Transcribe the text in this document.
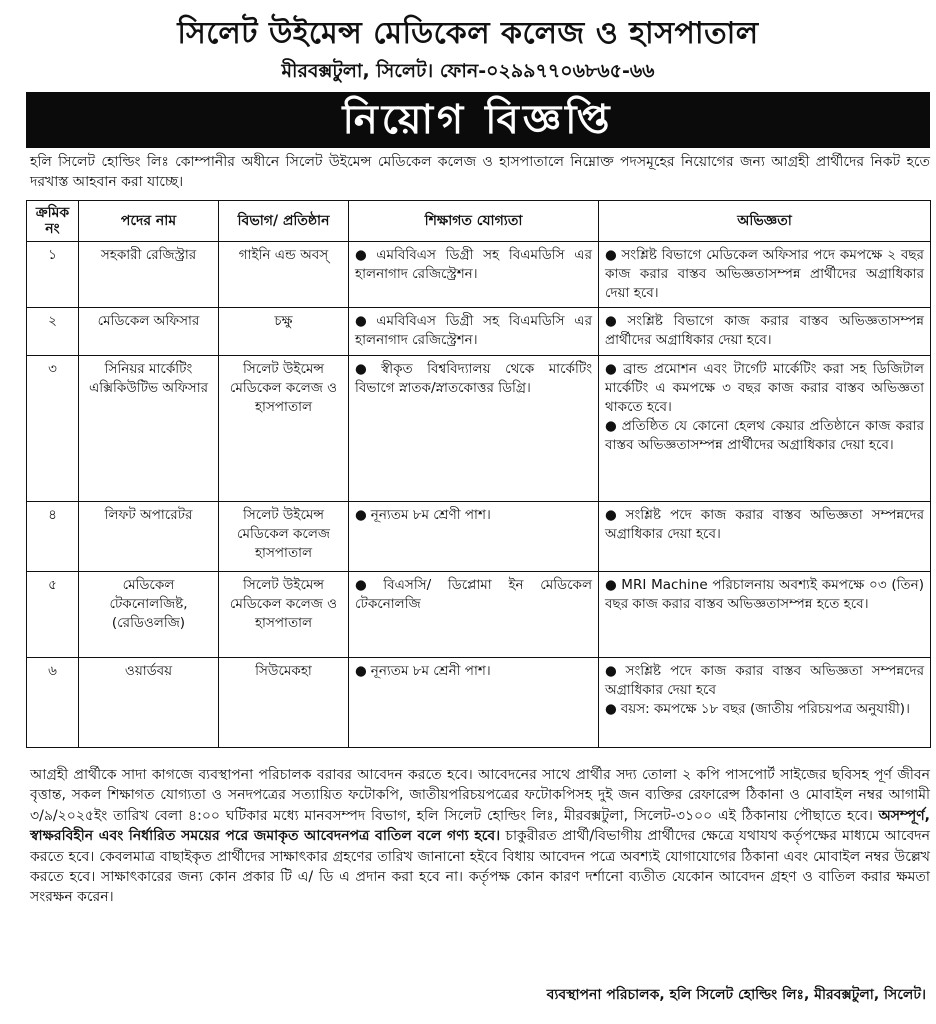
সিলেট উইমেন্স মেডিকেল কলেজ ও হাসপাতাল
মীরবক্সটুলা, সিলেট। ফোন-০২৯৯৭৭০৬৮৬৫-৬৬
নিয়োগ বিজ্ঞপ্তি
হলি সিলেট হোল্ডিং লিঃ কোম্পানীর অধীনে সিলেট উইমেন্স মেডিকেল কলেজ ও হাসপাতালে নিম্নোক্ত পদসমূহের নিয়োগের জন্য আগ্রহী প্রার্থীদের নিকট হতে দরখাস্ত আহবান করা যাচ্ছে।
ক্রমিক নং	পদের নাম	বিভাগ/ প্রতিষ্ঠান	শিক্ষাগত যোগ্যতা	অভিজ্ঞতা
১	সহকারী রেজিস্ট্রার	গাইনি এন্ড অবস্	● এমবিবিএস ডিগ্রী সহ বিএমডিসি এর হালনাগাদ রেজিস্ট্রেশন।	● সংশ্লিষ্ট বিভাগে মেডিকেল অফিসার পদে কমপক্ষে ২ বছর কাজ করার বাস্তব অভিজ্ঞতাসম্পন্ন প্রার্থীদের অগ্রাধিকার দেয়া হবে।

২	মেডিকেল অফিসার	চক্ষু	● এমবিবিএস ডিগ্রী সহ বিএমডিসি এর হালনাগাদ রেজিস্ট্রেশন।	● সংশ্লিষ্ট বিভাগে কাজ করার বাস্তব অভিজ্ঞতাসম্পন্ন প্রার্থীদের অগ্রাধিকার দেয়া হবে।

৩	সিনিয়র মার্কেটিং এক্সিকিউটিভ অফিসার	সিলেট উইমেন্স মেডিকেল কলেজ ও হাসপাতাল	● স্বীকৃত বিশ্ববিদ্যালয় থেকে মার্কেটিং বিভাগে স্নাতক/স্নাতকোত্তর ডিগ্রি।	● ব্রান্ড প্রমোশন এবং টার্গেট মার্কেটিং করা সহ ডিজিটাল মার্কেটিং এ কমপক্ষে ৩ বছর কাজ করার বাস্তব অভিজ্ঞতা থাকতে হবে।
● প্রতিষ্ঠিত যে কোনো হেলথ কেয়ার প্রতিষ্ঠানে কাজ করার বাস্তব অভিজ্ঞতাসম্পন্ন প্রার্থীদের অগ্রাধিকার দেয়া হবে।

৪	লিফট অপারেটর	সিলেট উইমেন্স মেডিকেল কলেজ হাসপাতাল	● নূন্যতম ৮ম শ্রেণী পাশ।	● সংশ্লিষ্ট পদে কাজ করার বাস্তব অভিজ্ঞতা সম্পন্নদের অগ্রাধিকার দেয়া হবে।

৫	মেডিকেল টেকনোলজিষ্ট, (রেডিওলজি)	সিলেট উইমেন্স মেডিকেল কলেজ ও হাসপাতাল	● বিএসসি/ ডিপ্লোমা ইন মেডিকেল টেকনোলজি	● MRI Machine পরিচালনায় অবশ্যই কমপক্ষে ০৩ (তিন) বছর কাজ করার বাস্তব অভিজ্ঞতাসম্পন্ন হতে হবে।

৬	ওয়ার্ডবয়	সিউমেকহা	● নূন্যতম ৮ম শ্রেনী পাশ।	● সংশ্লিষ্ট পদে কাজ করার বাস্তব অভিজ্ঞতা সম্পন্নদের অগ্রাধিকার দেয়া হবে
● বয়স: কমপক্ষে ১৮ বছর (জাতীয় পরিচয়পত্র অনুযায়ী)।
আগ্রহী প্রার্থীকে সাদা কাগজে ব্যবস্থাপনা পরিচালক বরাবর আবেদন করতে হবে। আবেদনের সাথে প্রার্থীর সদ্য তোলা ২ কপি পাসপোর্ট সাইজের ছবিসহ পূর্ণ জীবন বৃত্তান্ত, সকল শিক্ষাগত যোগ্যতা ও সনদপত্রের সত্যায়িত ফটোকপি, জাতীয়পরিচয়পত্রের ফটোকপিসহ দুই জন ব্যক্তির রেফারেন্স ঠিকানা ও মোবাইল নম্বর আগামী ৩/৯/২০২৫ইং তারিখ বেলা ৪:০০ ঘটিকার মধ্যে মানবসম্পদ বিভাগ, হলি সিলেট হোল্ডিং লিঃ, মীরবক্সটুলা, সিলেট-৩১০০ এই ঠিকানায় পৌছাতে হবে। অসম্পূর্ণ, স্বাক্ষরবিহীন এবং নির্ধারিত সময়ের পরে জমাকৃত আবেদনপত্র বাতিল বলে গণ্য হবে। চাকুরীরত প্রার্থী/বিভাগীয় প্রার্থীদের ক্ষেত্রে যথাযথ কর্তৃপক্ষের মাধ্যমে আবেদন করতে হবে। কেবলমাত্র বাছাইকৃত প্রার্থীদের সাক্ষাৎকার গ্রহণের তারিখ জানানো হইবে বিধায় আবেদন পত্রে অবশ্যই যোগাযোগের ঠিকানা এবং মোবাইল নম্বর উল্লেখ করতে হবে। সাক্ষাৎকারের জন্য কোন প্রকার টি এ/ ডি এ প্রদান করা হবে না। কর্তৃপক্ষ কোন কারণ দর্শানো ব্যতীত যেকোন আবেদন গ্রহণ ও বাতিল করার ক্ষমতা সংরক্ষন করেন।
ব্যবস্থাপনা পরিচালক, হলি সিলেট হোল্ডিং লিঃ, মীরবক্সটুলা, সিলেট।
